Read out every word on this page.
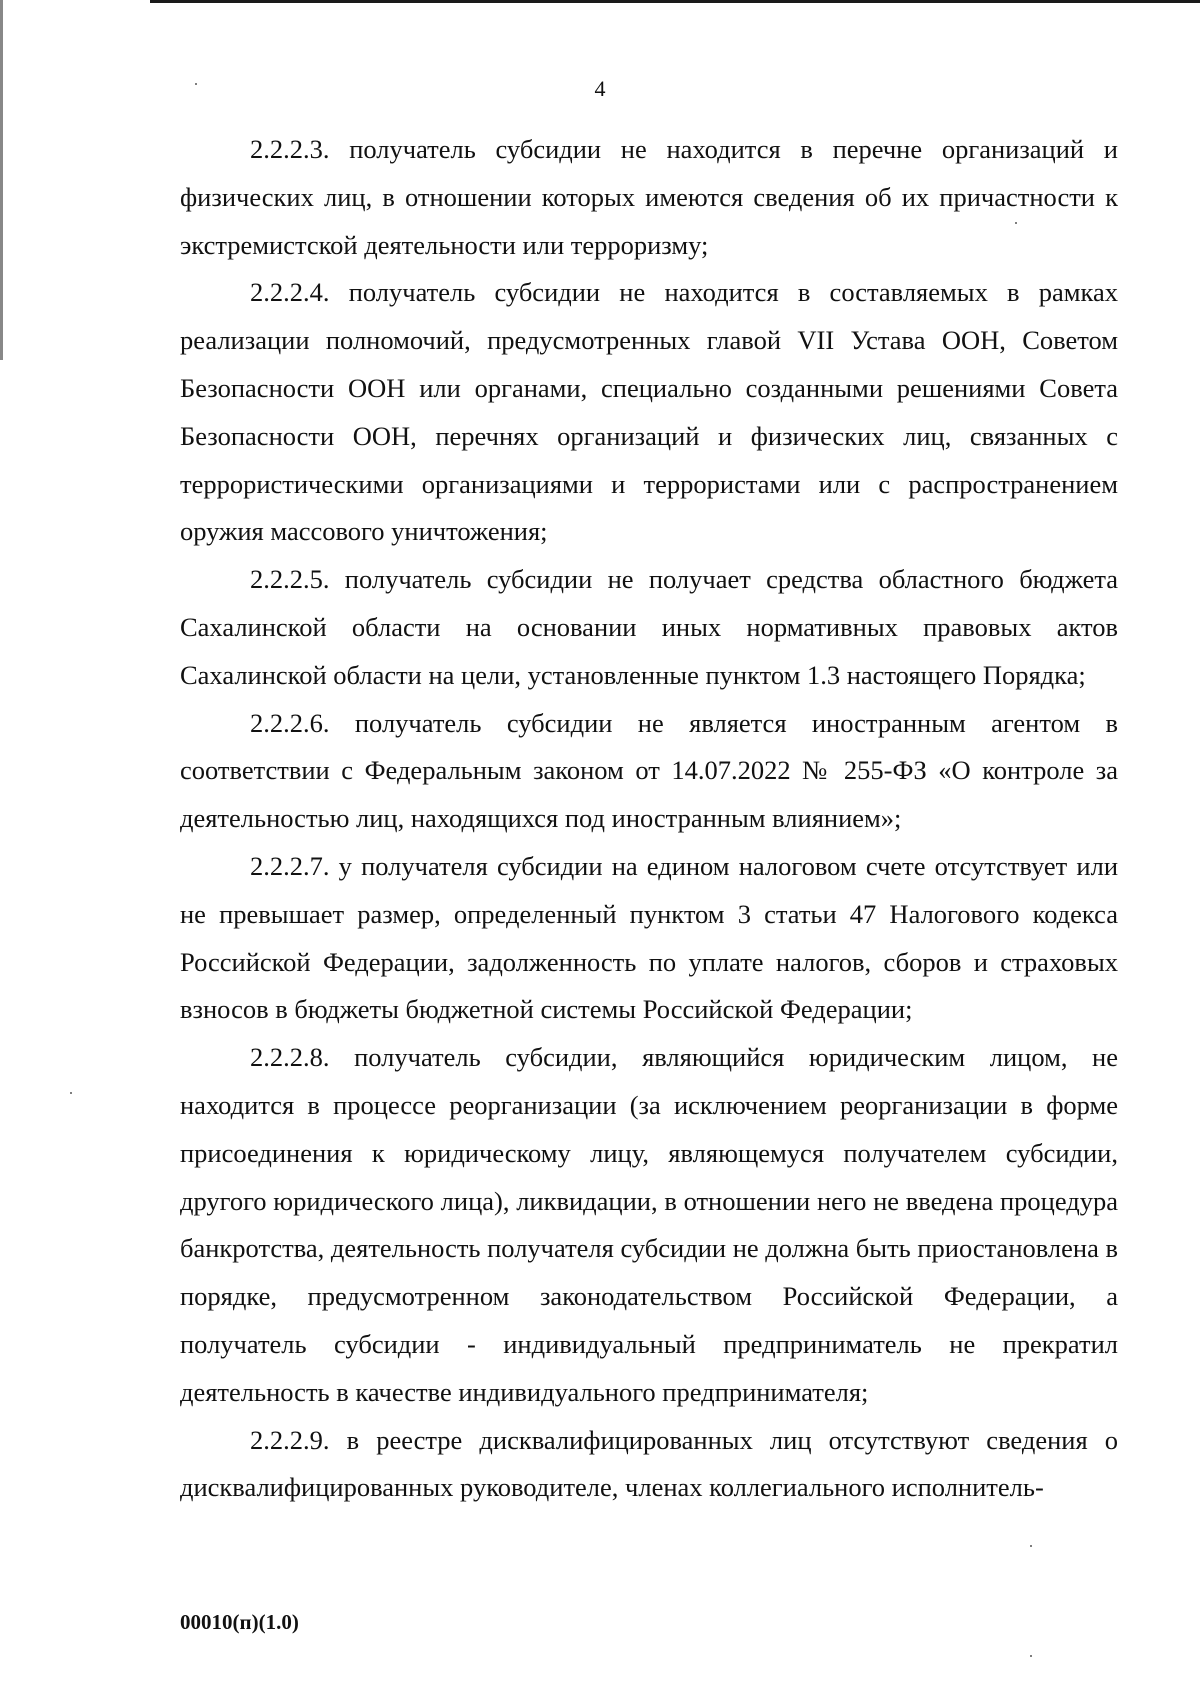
4

2.2.2.3. получатель субсидии не находится в перечне организаций и физических лиц, в отношении которых имеются сведения об их причастности к экстремистской деятельности или терроризму;

2.2.2.4. получатель субсидии не находится в составляемых в рамках реализации полномочий, предусмотренных главой VII Устава ООН, Советом Безопасности ООН или органами, специально созданными решениями Совета Безопасности ООН, перечнях организаций и физических лиц, связанных с террористическими организациями и террористами или с распространением оружия массового уничтожения;

2.2.2.5. получатель субсидии не получает средства областного бюджета Сахалинской области на основании иных нормативных правовых актов Сахалинской области на цели, установленные пунктом 1.3 настоящего Порядка;

2.2.2.6. получатель субсидии не является иностранным агентом в соответствии с Федеральным законом от 14.07.2022 № 255-ФЗ «О контроле за деятельностью лиц, находящихся под иностранным влиянием»;

2.2.2.7. у получателя субсидии на едином налоговом счете отсутствует или не превышает размер, определенный пунктом 3 статьи 47 Налогового кодекса Российской Федерации, задолженность по уплате налогов, сборов и страховых взносов в бюджеты бюджетной системы Российской Федерации;

2.2.2.8. получатель субсидии, являющийся юридическим лицом, не находится в процессе реорганизации (за исключением реорганизации в форме присоединения к юридическому лицу, являющемуся получателем субсидии, другого юридического лица), ликвидации, в отношении него не введена процедура банкротства, деятельность получателя субсидии не должна быть приостановлена в порядке, предусмотренном законодательством Российской Федерации, а получатель субсидии - индивидуальный предприниматель не прекратил деятельность в качестве индивидуального предпринимателя;

2.2.2.9. в реестре дисквалифицированных лиц отсутствуют сведения о дисквалифицированных руководителе, членах коллегиального исполнитель-

00010(п)(1.0)
